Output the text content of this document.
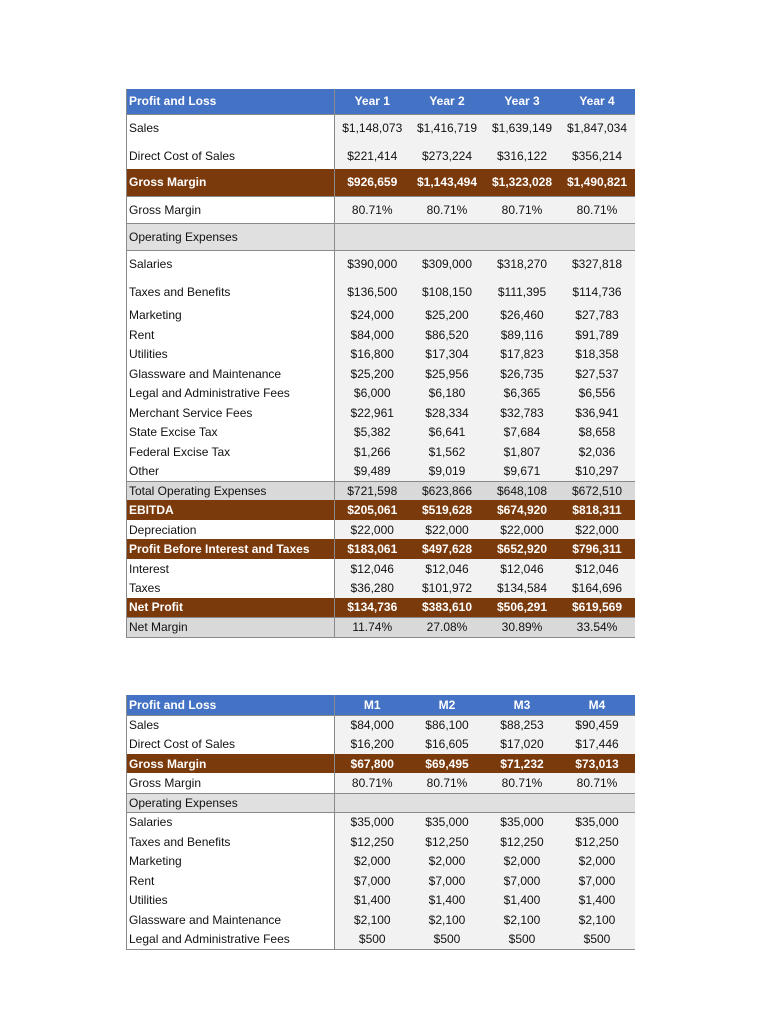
Profit and Loss	Year 1	Year 2	Year 3	Year 4
Sales	$1,148,073	$1,416,719	$1,639,149	$1,847,034
Direct Cost of Sales	$221,414	$273,224	$316,122	$356,214
Gross Margin	$926,659	$1,143,494	$1,323,028	$1,490,821
Gross Margin	80.71%	80.71%	80.71%	80.71%
Operating Expenses				
Salaries	$390,000	$309,000	$318,270	$327,818
Taxes and Benefits	$136,500	$108,150	$111,395	$114,736
Marketing	$24,000	$25,200	$26,460	$27,783
Rent	$84,000	$86,520	$89,116	$91,789
Utilities	$16,800	$17,304	$17,823	$18,358
Glassware and Maintenance	$25,200	$25,956	$26,735	$27,537
Legal and Administrative Fees	$6,000	$6,180	$6,365	$6,556
Merchant Service Fees	$22,961	$28,334	$32,783	$36,941
State Excise Tax	$5,382	$6,641	$7,684	$8,658
Federal Excise Tax	$1,266	$1,562	$1,807	$2,036
Other	$9,489	$9,019	$9,671	$10,297
Total Operating Expenses	$721,598	$623,866	$648,108	$672,510
EBITDA	$205,061	$519,628	$674,920	$818,311
Depreciation	$22,000	$22,000	$22,000	$22,000
Profit Before Interest and Taxes	$183,061	$497,628	$652,920	$796,311
Interest	$12,046	$12,046	$12,046	$12,046
Taxes	$36,280	$101,972	$134,584	$164,696
Net Profit	$134,736	$383,610	$506,291	$619,569
Net Margin	11.74%	27.08%	30.89%	33.54%
Profit and Loss	M1	M2	M3	M4
Sales	$84,000	$86,100	$88,253	$90,459
Direct Cost of Sales	$16,200	$16,605	$17,020	$17,446
Gross Margin	$67,800	$69,495	$71,232	$73,013
Gross Margin	80.71%	80.71%	80.71%	80.71%
Operating Expenses				
Salaries	$35,000	$35,000	$35,000	$35,000
Taxes and Benefits	$12,250	$12,250	$12,250	$12,250
Marketing	$2,000	$2,000	$2,000	$2,000
Rent	$7,000	$7,000	$7,000	$7,000
Utilities	$1,400	$1,400	$1,400	$1,400
Glassware and Maintenance	$2,100	$2,100	$2,100	$2,100
Legal and Administrative Fees	$500	$500	$500	$500
